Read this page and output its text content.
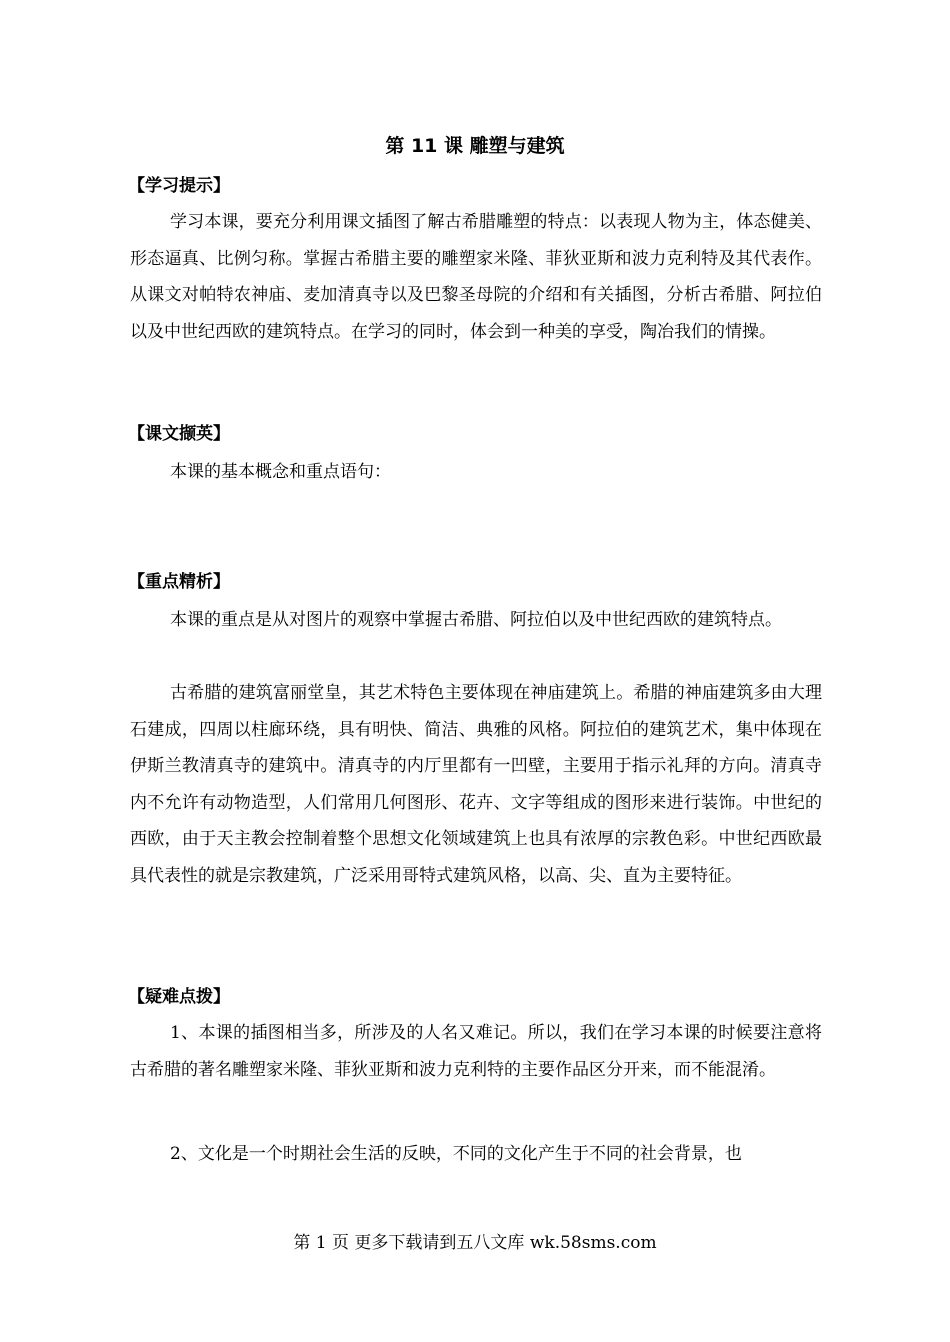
第 11 课 雕塑与建筑
【学习提示】
学习本课，要充分利用课文插图了解古希腊雕塑的特点：以表现人物为主，体态健美、形态逼真、比例匀称。掌握古希腊主要的雕塑家米隆、菲狄亚斯和波力克利特及其代表作。从课文对帕特农神庙、麦加清真寺以及巴黎圣母院的介绍和有关插图，分析古希腊、阿拉伯以及中世纪西欧的建筑特点。在学习的同时，体会到一种美的享受，陶冶我们的情操。
【课文撷英】
本课的基本概念和重点语句：
【重点精析】
本课的重点是从对图片的观察中掌握古希腊、阿拉伯以及中世纪西欧的建筑特点。
古希腊的建筑富丽堂皇，其艺术特色主要体现在神庙建筑上。希腊的神庙建筑多由大理石建成，四周以柱廊环绕，具有明快、简洁、典雅的风格。阿拉伯的建筑艺术，集中体现在伊斯兰教清真寺的建筑中。清真寺的内厅里都有一凹壁，主要用于指示礼拜的方向。清真寺内不允许有动物造型，人们常用几何图形、花卉、文字等组成的图形来进行装饰。中世纪的西欧，由于天主教会控制着整个思想文化领域建筑上也具有浓厚的宗教色彩。中世纪西欧最具代表性的就是宗教建筑，广泛采用哥特式建筑风格，以高、尖、直为主要特征。
【疑难点拨】
1、本课的插图相当多，所涉及的人名又难记。所以，我们在学习本课的时候要注意将古希腊的著名雕塑家米隆、菲狄亚斯和波力克利特的主要作品区分开来，而不能混淆。
2、文化是一个时期社会生活的反映，不同的文化产生于不同的社会背景，也
第 1 页 更多下载请到五八文库 wk.58sms.com
